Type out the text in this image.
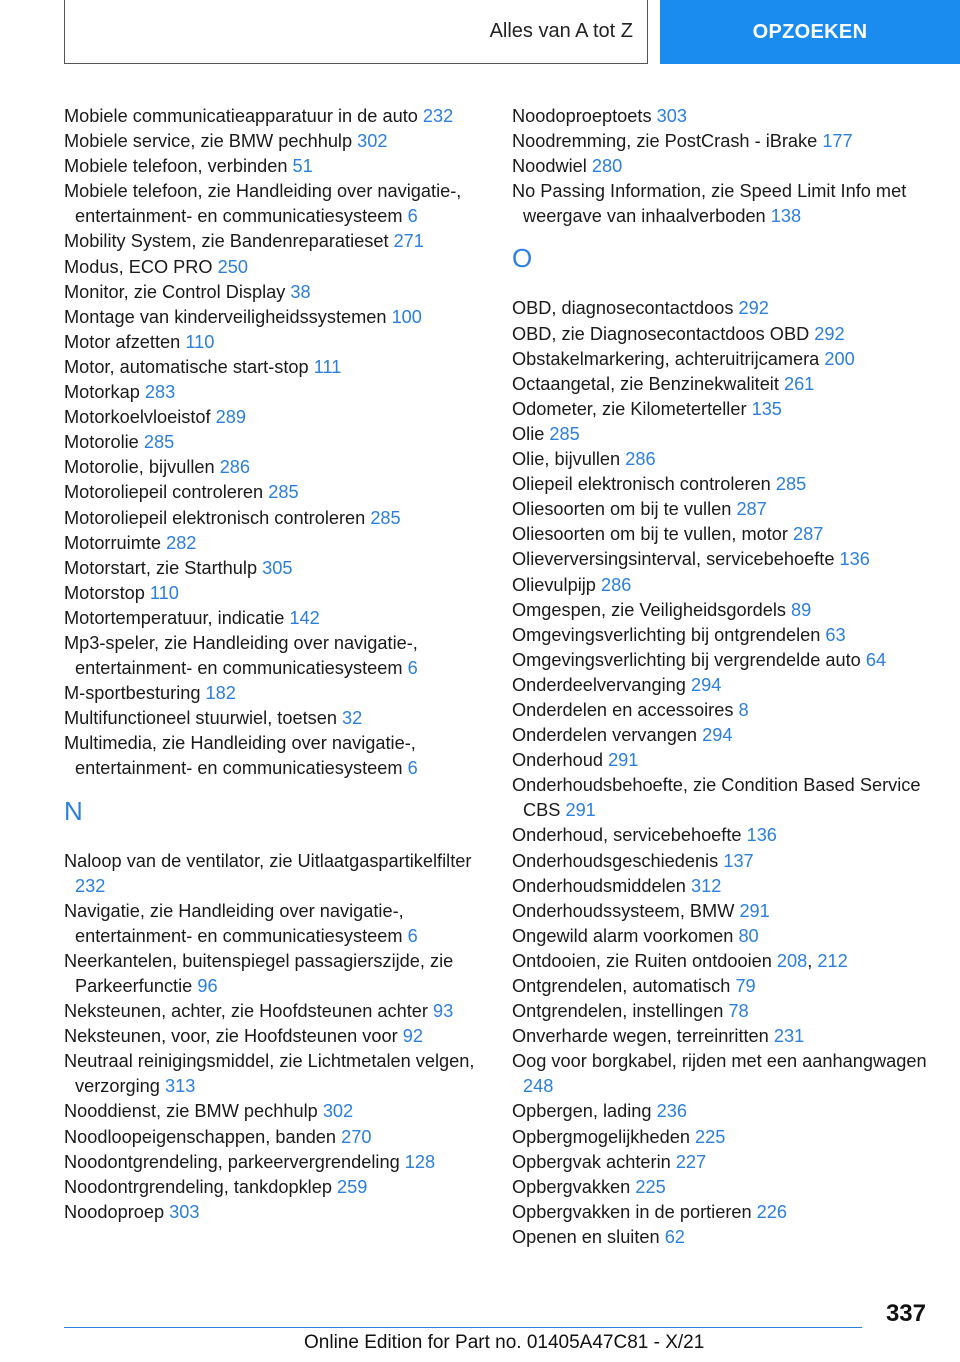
Alles van A tot Z	OPZOEKEN
Mobiele communicatieapparatuur in de auto 232
Mobiele service, zie BMW pechhulp 302
Mobiele telefoon, verbinden 51
Mobiele telefoon, zie Handleiding over navigatie-, entertainment- en communicatiesysteem 6
Mobility System, zie Bandenreparatieset 271
Modus, ECO PRO 250
Monitor, zie Control Display 38
Montage van kinderveiligheidssystemen 100
Motor afzetten 110
Motor, automatische start-stop 111
Motorkap 283
Motorkoelvloeistof 289
Motorolie 285
Motorolie, bijvullen 286
Motoroliepeil controleren 285
Motoroliepeil elektronisch controleren 285
Motorruimte 282
Motorstart, zie Starthulp 305
Motorstop 110
Motortemperatuur, indicatie 142
Mp3-speler, zie Handleiding over navigatie-, entertainment- en communicatiesysteem 6
M-sportbesturing 182
Multifunctioneel stuurwiel, toetsen 32
Multimedia, zie Handleiding over navigatie-, entertainment- en communicatiesysteem 6
N
Naloop van de ventilator, zie Uitlaatgaspartikelfilter 232
Navigatie, zie Handleiding over navigatie-, entertainment- en communicatiesysteem 6
Neerkantelen, buitenspiegel passagierszijde, zie Parkeerfunctie 96
Neksteunen, achter, zie Hoofdsteunen achter 93
Neksteunen, voor, zie Hoofdsteunen voor 92
Neutraal reinigingsmiddel, zie Lichtmetalen velgen, verzorging 313
Nooddienst, zie BMW pechhulp 302
Noodloopeigenschappen, banden 270
Noodontgrendeling, parkeervergrendeling 128
Noodontrgrendeling, tankdopklep 259
Noodoproep 303
Noodoproeptoets 303
Noodremming, zie PostCrash - iBrake 177
Noodwiel 280
No Passing Information, zie Speed Limit Info met weergave van inhaalverboden 138
O
OBD, diagnosecontactdoos 292
OBD, zie Diagnosecontactdoos OBD 292
Obstakelmarkering, achteruitrijcamera 200
Octaangetal, zie Benzinekwaliteit 261
Odometer, zie Kilometerteller 135
Olie 285
Olie, bijvullen 286
Oliepeil elektronisch controleren 285
Oliesoorten om bij te vullen 287
Oliesoorten om bij te vullen, motor 287
Olieverversingsinterval, servicebehoefte 136
Olievulpijp 286
Omgespen, zie Veiligheidsgordels 89
Omgevingsverlichting bij ontgrendelen 63
Omgevingsverlichting bij vergrendelde auto 64
Onderdeelvervanging 294
Onderdelen en accessoires 8
Onderdelen vervangen 294
Onderhoud 291
Onderhoudsbehoefte, zie Condition Based Service CBS 291
Onderhoud, servicebehoefte 136
Onderhoudsgeschiedenis 137
Onderhoudsmiddelen 312
Onderhoudssysteem, BMW 291
Ongewild alarm voorkomen 80
Ontdooien, zie Ruiten ontdooien 208, 212
Ontgrendelen, automatisch 79
Ontgrendelen, instellingen 78
Onverharde wegen, terreinritten 231
Oog voor borgkabel, rijden met een aanhangwagen 248
Opbergen, lading 236
Opbergmogelijkheden 225
Opbergvak achterin 227
Opbergvakken 225
Opbergvakken in de portieren 226
Openen en sluiten 62
337
Online Edition for Part no. 01405A47C81 - X/21
